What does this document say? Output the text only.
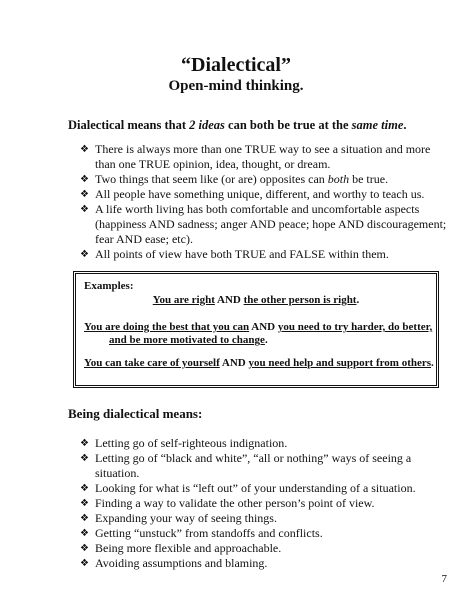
“Dialectical”
Open-mind thinking.
Dialectical means that 2 ideas can both be true at the same time.
❖ There is always more than one TRUE way to see a situation and more than one TRUE opinion, idea, thought, or dream.
❖ Two things that seem like (or are) opposites can both be true.
❖ All people have something unique, different, and worthy to teach us.
❖ A life worth living has both comfortable and uncomfortable aspects (happiness AND sadness; anger AND peace; hope AND discouragement; fear AND ease; etc).
❖ All points of view have both TRUE and FALSE within them.
Examples:
You are right AND the other person is right.
You are doing the best that you can AND you need to try harder, do better,
and be more motivated to change.
You can take care of yourself AND you need help and support from others.
Being dialectical means:
❖ Letting go of self-righteous indignation.
❖ Letting go of “black and white”, “all or nothing” ways of seeing a situation.
❖ Looking for what is “left out” of your understanding of a situation.
❖ Finding a way to validate the other person’s point of view.
❖ Expanding your way of seeing things.
❖ Getting “unstuck” from standoffs and conflicts.
❖ Being more flexible and approachable.
❖ Avoiding assumptions and blaming.
7
